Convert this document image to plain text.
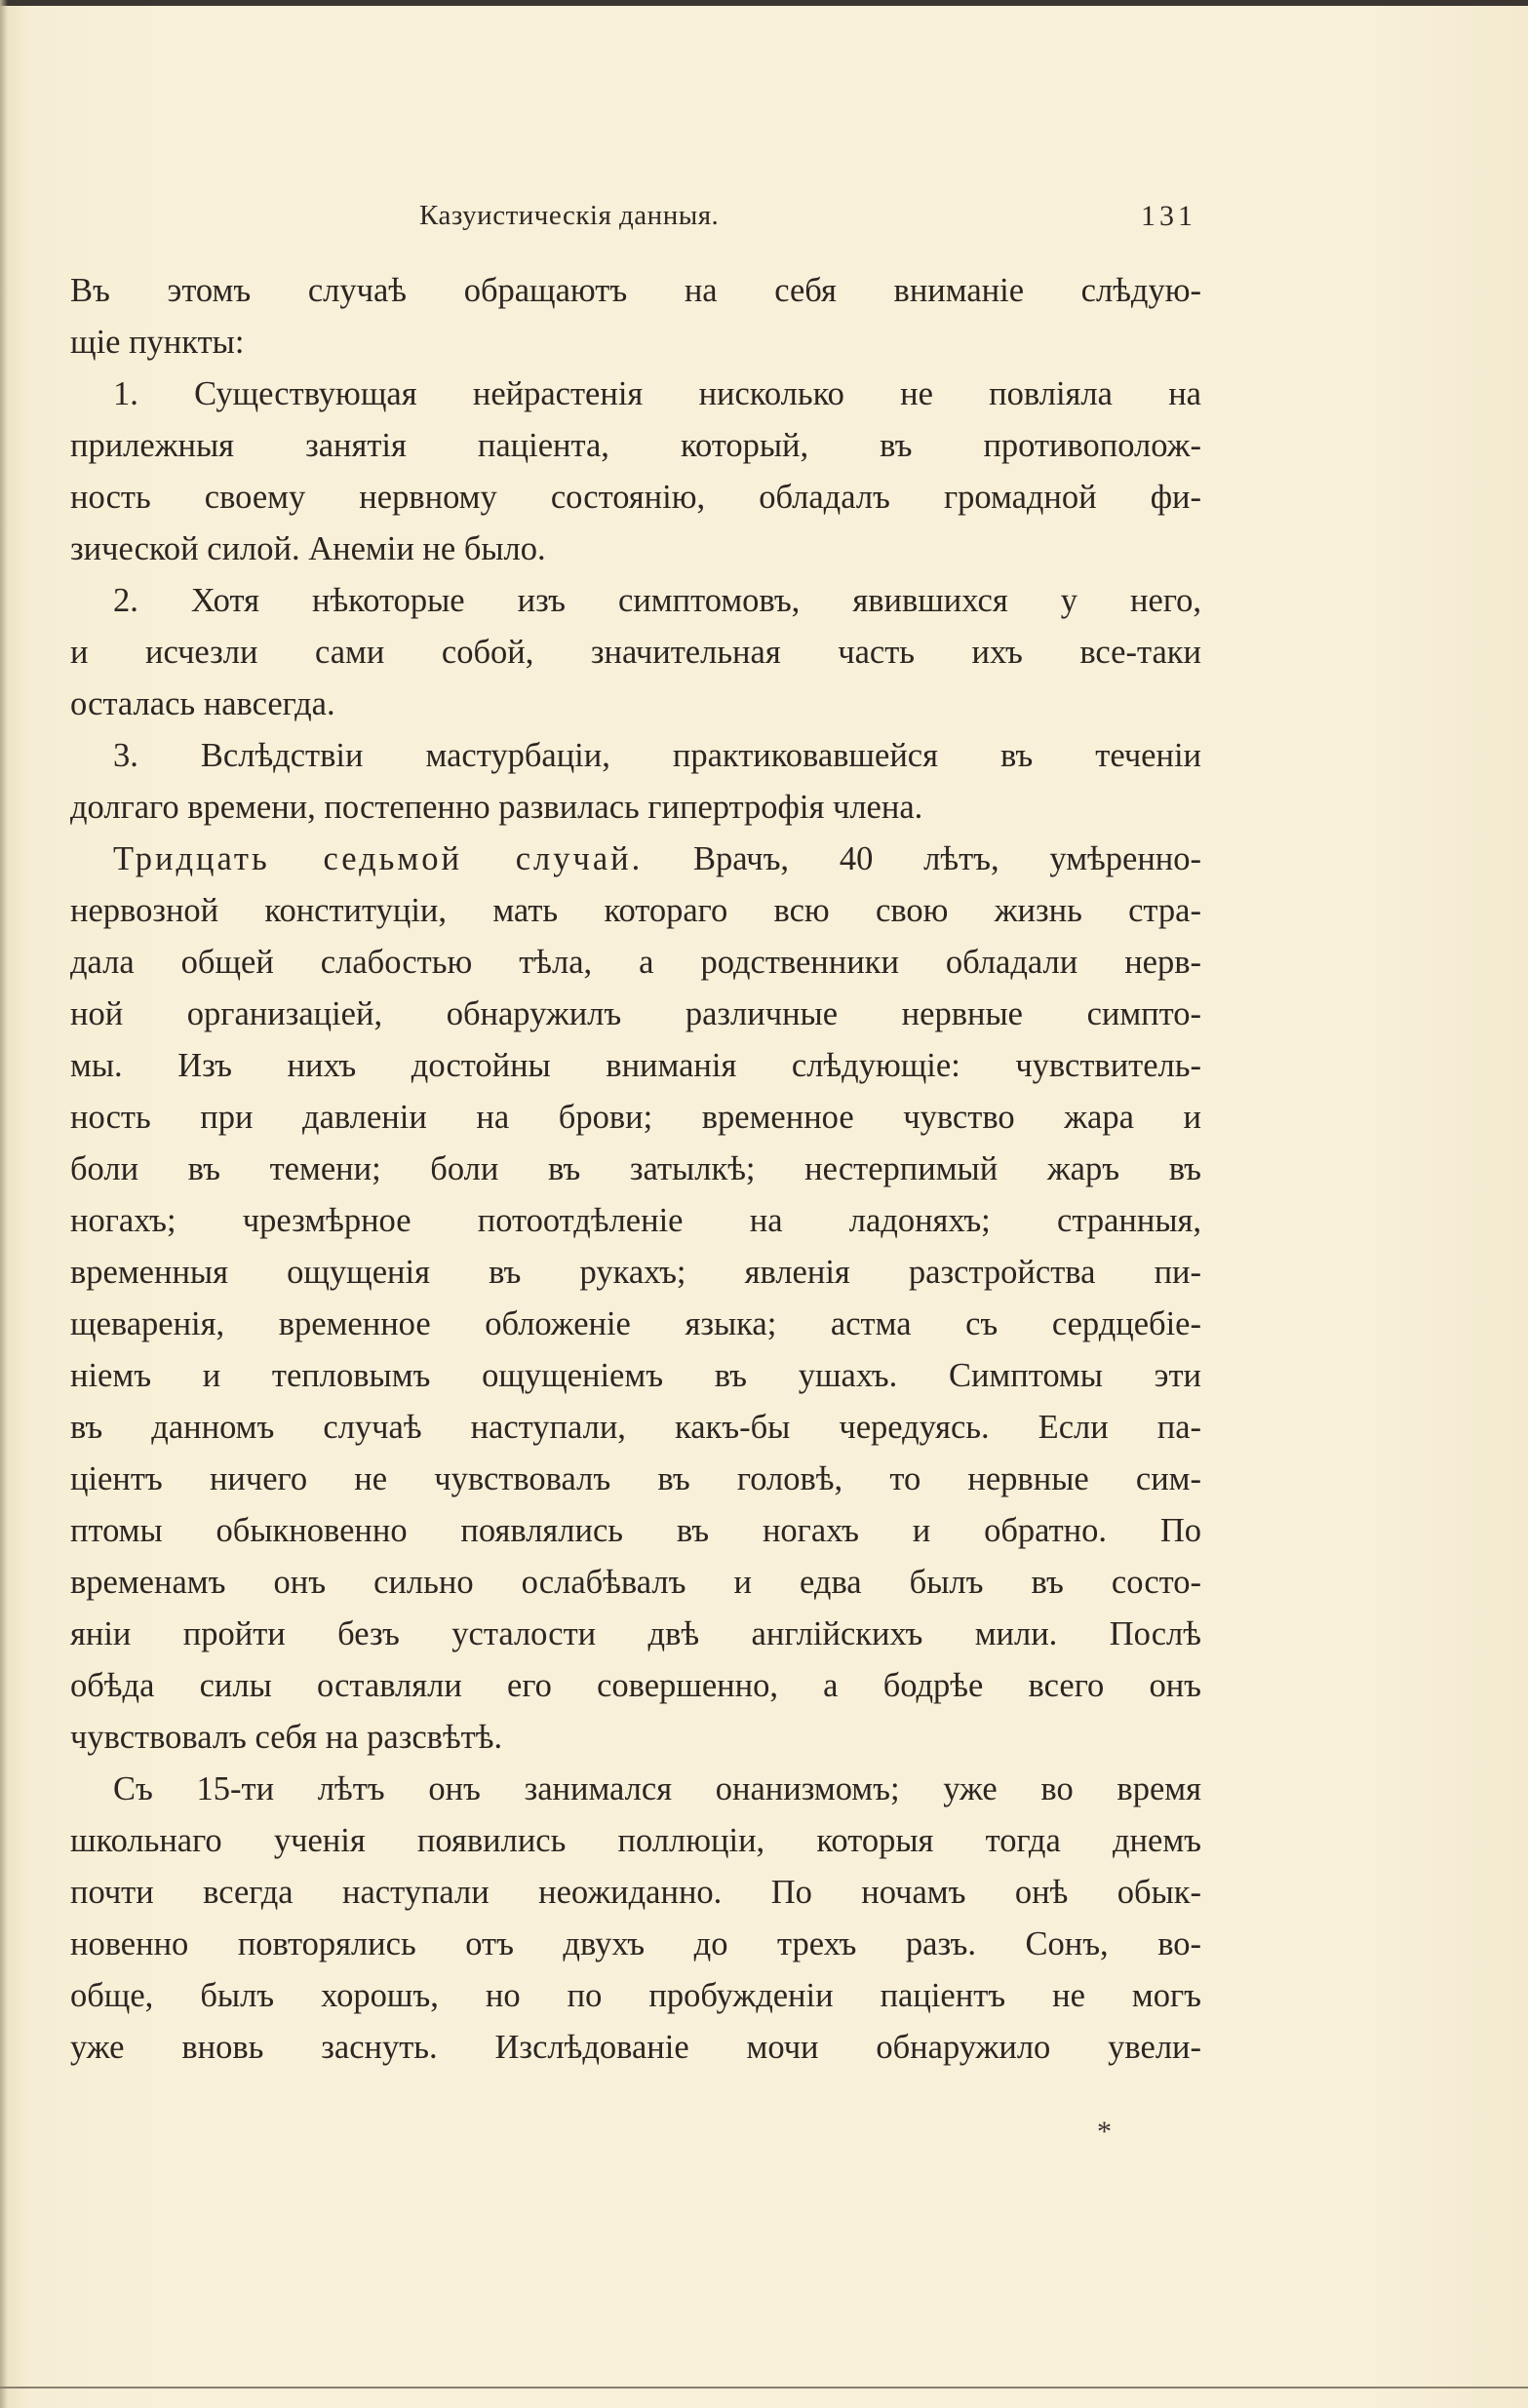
Казуистическія данныя.	131
Въ этомъ случаѣ обращаютъ на себя вниманіе слѣдую-
щіе пункты:
1. Существующая нейрастенія нисколько не повліяла на
прилежныя занятія паціента, который, въ противополож-
ность своему нервному состоянію, обладалъ громадной фи-
зической силой. Анеміи не было.
2. Хотя нѣкоторые изъ симптомовъ, явившихся у него,
и исчезли сами собой, значительная часть ихъ все-таки
осталась навсегда.
3. Вслѣдствіи мастурбаціи, практиковавшейся въ теченіи
долгаго времени, постепенно развилась гипертрофія члена.
Тридцать седьмой случай. Врачъ, 40 лѣтъ, умѣренно-
нервозной конституціи, мать котораго всю свою жизнь стра-
дала общей слабостью тѣла, а родственники обладали нерв-
ной организаціей, обнаружилъ различные нервные симпто-
мы. Изъ нихъ достойны вниманія слѣдующіе: чувствитель-
ность при давленіи на брови; временное чувство жара и
боли въ темени; боли въ затылкѣ; нестерпимый жаръ въ
ногахъ; чрезмѣрное потоотдѣленіе на ладоняхъ; странныя,
временныя ощущенія въ рукахъ; явленія разстройства пи-
щеваренія, временное обложеніе языка; астма съ сердцебіе-
ніемъ и тепловымъ ощущеніемъ въ ушахъ. Симптомы эти
въ данномъ случаѣ наступали, какъ-бы чередуясь. Если па-
ціентъ ничего не чувствовалъ въ головѣ, то нервные сим-
птомы обыкновенно появлялись въ ногахъ и обратно. По
временамъ онъ сильно ослабѣвалъ и едва былъ въ состо-
яніи пройти безъ усталости двѣ англійскихъ мили. Послѣ
обѣда силы оставляли его совершенно, а бодрѣе всего онъ
чувствовалъ себя на разсвѣтѣ.
Съ 15-ти лѣтъ онъ занимался онанизмомъ; уже во время
школьнаго ученія появились поллюціи, которыя тогда днемъ
почти всегда наступали неожиданно. По ночамъ онѣ обык-
новенно повторялись отъ двухъ до трехъ разъ. Сонъ, во-
обще, былъ хорошъ, но по пробужденіи паціентъ не могъ
уже вновь заснуть. Изслѣдованіе мочи обнаружило увели-
*
